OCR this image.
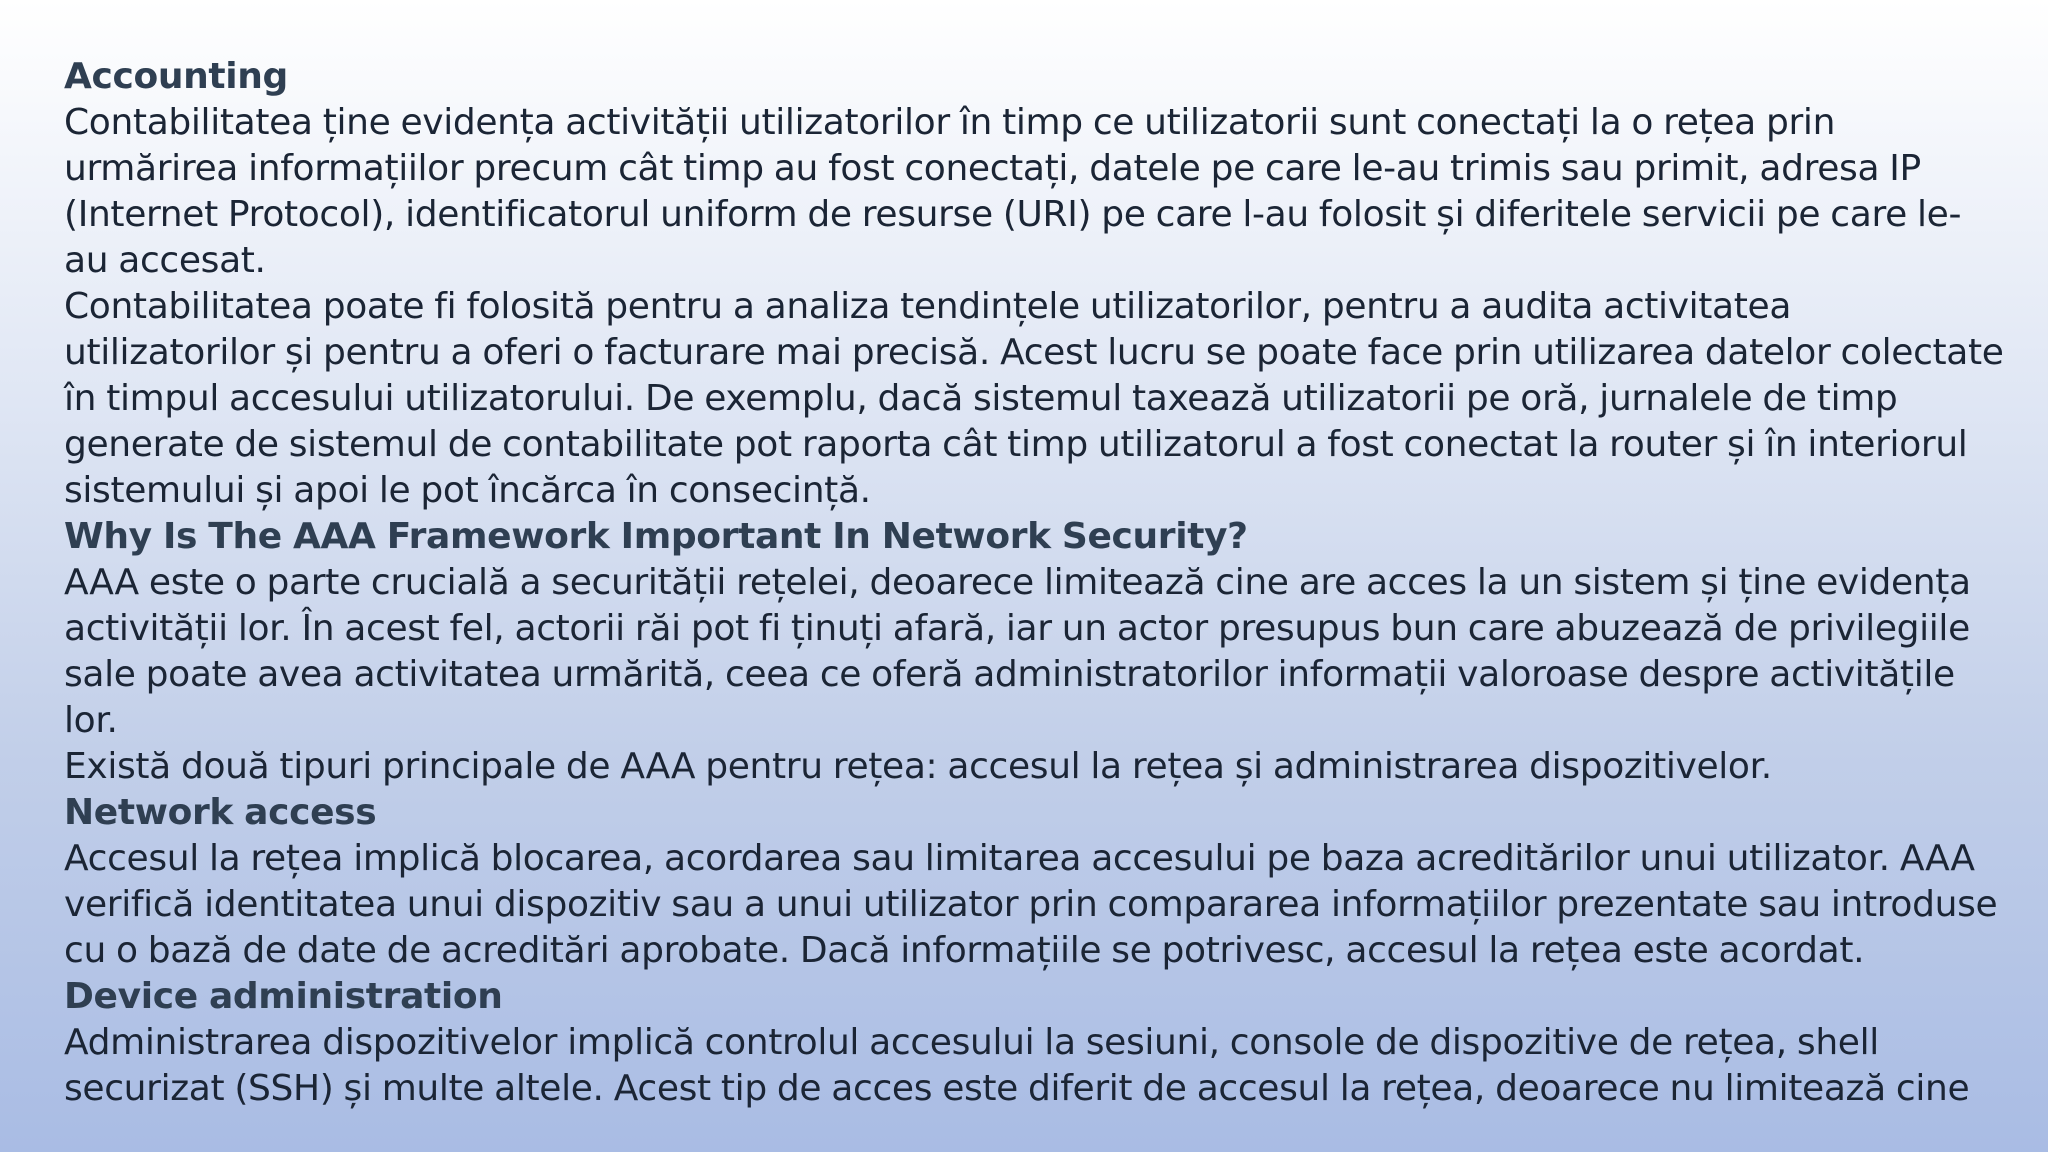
Accounting

Contabilitatea ține evidența activității utilizatorilor în timp ce utilizatorii sunt conectați la o rețea prin urmărirea informațiilor precum cât timp au fost conectați, datele pe care le-au trimis sau primit, adresa IP (Internet Protocol), identificatorul uniform de resurse (URI) pe care l-au folosit și diferitele servicii pe care le-au accesat.

Contabilitatea poate fi folosită pentru a analiza tendințele utilizatorilor, pentru a audita activitatea utilizatorilor și pentru a oferi o facturare mai precisă. Acest lucru se poate face prin utilizarea datelor colectate în timpul accesului utilizatorului. De exemplu, dacă sistemul taxează utilizatorii pe oră, jurnalele de timp generate de sistemul de contabilitate pot raporta cât timp utilizatorul a fost conectat la router și în interiorul sistemului și apoi le pot încărca în consecință.

Why Is The AAA Framework Important In Network Security?

AAA este o parte crucială a securității rețelei, deoarece limitează cine are acces la un sistem și ține evidența activității lor. În acest fel, actorii răi pot fi ținuți afară, iar un actor presupus bun care abuzează de privilegiile sale poate avea activitatea urmărită, ceea ce oferă administratorilor informații valoroase despre activitățile lor.

Există două tipuri principale de AAA pentru rețea: accesul la rețea și administrarea dispozitivelor.

Network access

Accesul la rețea implică blocarea, acordarea sau limitarea accesului pe baza acreditărilor unui utilizator. AAA verifică identitatea unui dispozitiv sau a unui utilizator prin compararea informațiilor prezentate sau introduse cu o bază de date de acreditări aprobate. Dacă informațiile se potrivesc, accesul la rețea este acordat.

Device administration

Administrarea dispozitivelor implică controlul accesului la sesiuni, console de dispozitive de rețea, shell securizat (SSH) și multe altele. Acest tip de acces este diferit de accesul la rețea, deoarece nu limitează cine
